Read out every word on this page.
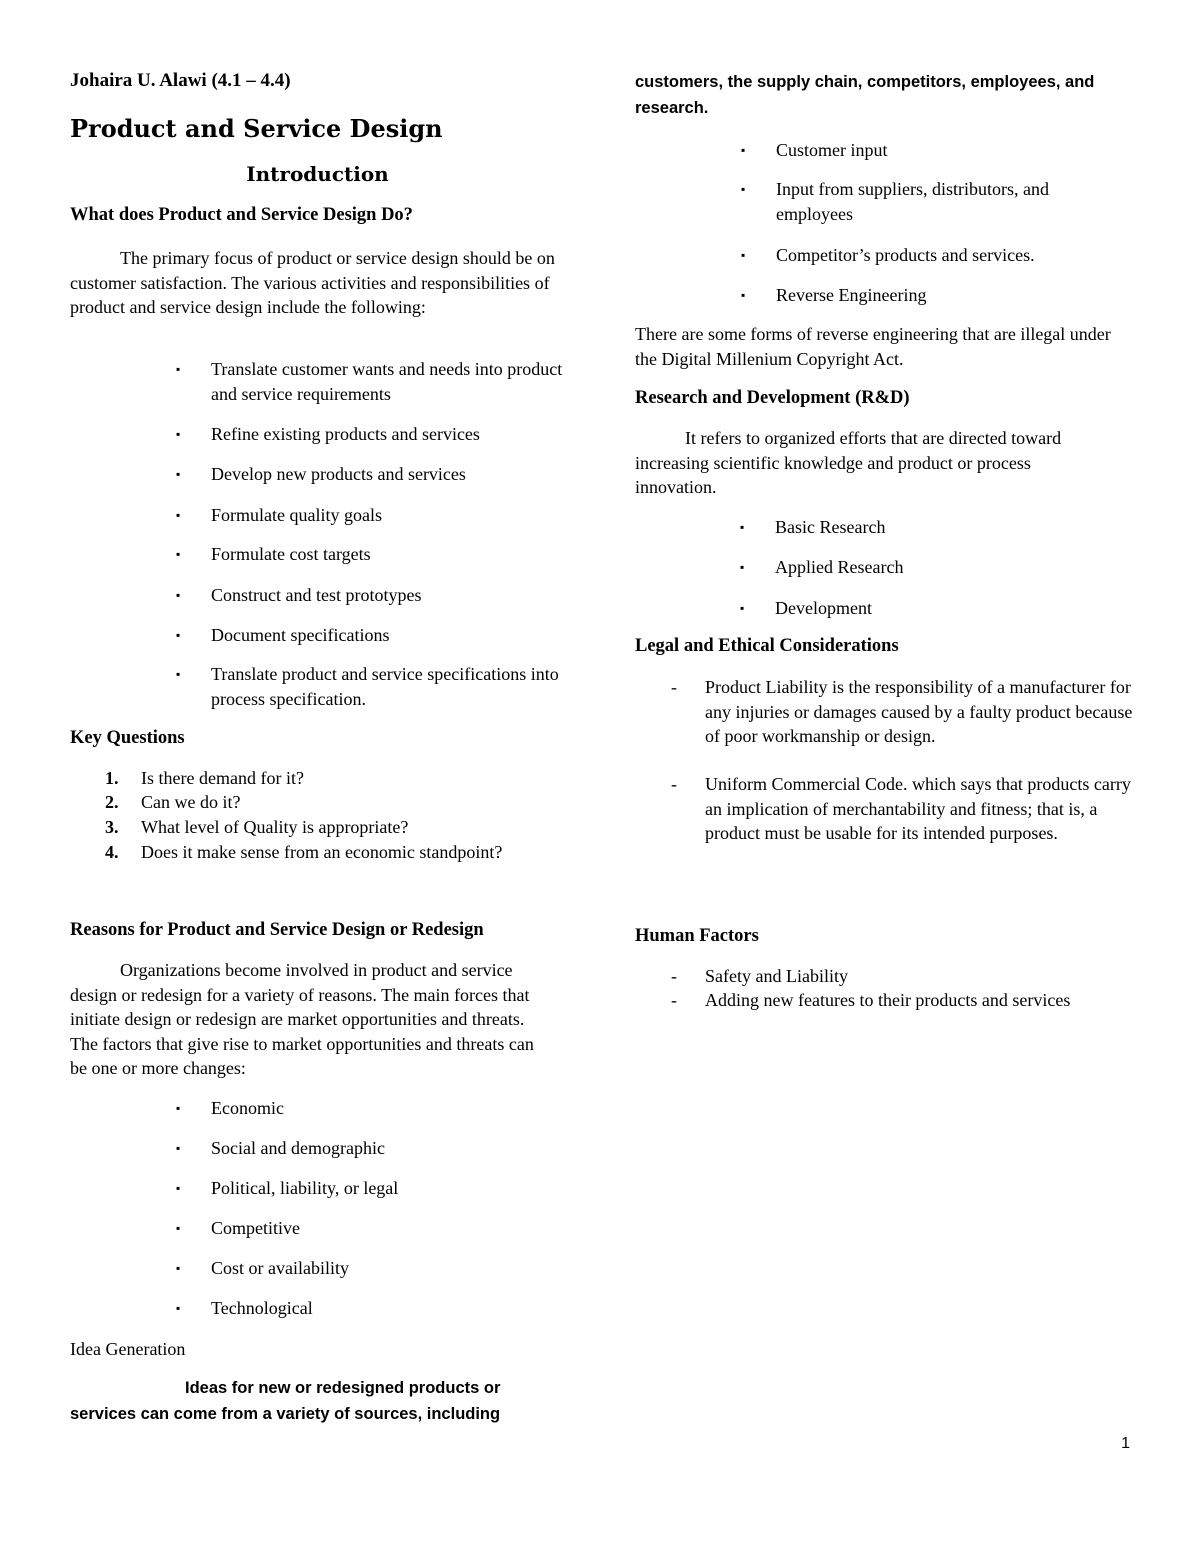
Johaira U. Alawi (4.1 – 4.4)

Product and Service Design

Introduction

What does Product and Service Design Do?

The primary focus of product or service design should be on customer satisfaction. The various activities and responsibilities of product and service design include the following:

▪ Translate customer wants and needs into product and service requirements
▪ Refine existing products and services
▪ Develop new products and services
▪ Formulate quality goals
▪ Formulate cost targets
▪ Construct and test prototypes
▪ Document specifications
▪ Translate product and service specifications into process specification.

Key Questions

1. Is there demand for it?
2. Can we do it?
3. What level of Quality is appropriate?
4. Does it make sense from an economic standpoint?

Reasons for Product and Service Design or Redesign

Organizations become involved in product and service design or redesign for a variety of reasons. The main forces that initiate design or redesign are market opportunities and threats. The factors that give rise to market opportunities and threats can be one or more changes:

▪ Economic
▪ Social and demographic
▪ Political, liability, or legal
▪ Competitive
▪ Cost or availability
▪ Technological

Idea Generation

Ideas for new or redesigned products or services can come from a variety of sources, including

customers, the supply chain, competitors, employees, and research.

▪ Customer input
▪ Input from suppliers, distributors, and employees
▪ Competitor’s products and services.
▪ Reverse Engineering

There are some forms of reverse engineering that are illegal under the Digital Millenium Copyright Act.

Research and Development (R&D)

It refers to organized efforts that are directed toward increasing scientific knowledge and product or process innovation.

▪ Basic Research
▪ Applied Research
▪ Development

Legal and Ethical Considerations

- Product Liability is the responsibility of a manufacturer for any injuries or damages caused by a faulty product because of poor workmanship or design.
- Uniform Commercial Code. which says that products carry an implication of merchantability and fitness; that is, a product must be usable for its intended purposes.

Human Factors

- Safety and Liability
- Adding new features to their products and services
1
